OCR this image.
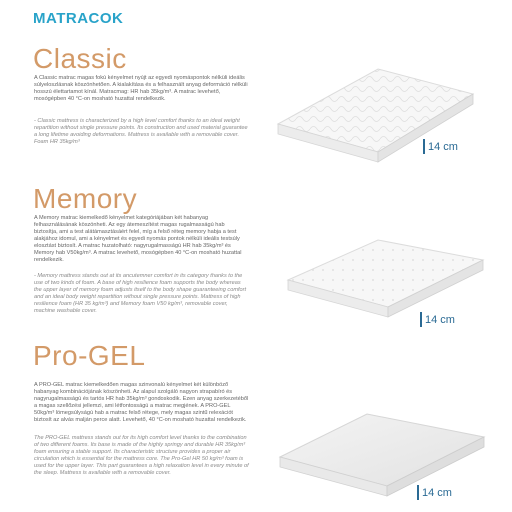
MATRACOK
Classic
A Classic matrac magas fokú kényelmet nyújt az egyedi nyomáspontok nélküli ideális súlyeloszlásnak köszönhetően. A kialakítása és a felhasznált anyag deformáció nélküli hosszú élettartamot kínál. Matracmag: HR hab 35kg/m³. A matrac levehető, mosógépben 40 °C-on mosható huzattal rendelkezik.
- Classic mattress is characterized by a high level comfort thanks to an ideal weight repartition without single pressure points. Its construction and used material guarantee a long lifetime avoiding deformations. Mattress is available with a removable cover. Foam HR 35kg/m³	14 cm
Memory
A Memory matrac kiemelkedő kényelmet kategóriájában két habanyag felhasználásának köszönheti. Az egy átemeszítést magas rugalmasságú hab biztosítja, ami a test alátámasztásáért felel, míg a felső réteg memory habja a test alakjához idomul, ami a kényelmet és egyedi nyomás pontok nélküli ideális testsúly elosztást biztosít. A matrac huzatolható: nagyrugalmasságú HR hab 35kg/m³ és Memory hab V50kg/m³. A matrac levehető, mosógépben 40 °C-on mosható huzattal rendelkezik.
- Memory mattress stands out at its ancutemner comfort in its category thanks to the use of two kinds of foam. A base of high resilience foam supports the body whereas the upper layer of memory foam adjusts itself to the body shape guaranteeing comfort and an ideal body weight repartition without single pressure points. Mattress of high resilience foam (HR 35 kg/m³) and Memory foam V50 kg/m³, removable cover, machine washable cover.
14 cm
Pro-GEL
A PRO-GEL matrac kiemelkedően magas szinvonalú kényelmet két különböző habanyag kombinációjának köszönheti. Az alapul szolgáló nagyon strapabíró és nagyrugalmasságú és tartós HR hab 35kg/m³ gondoskodik. Ezen anyag szerkezetéből a magas szellőzési jellemzi, ami létfontosságú a matrac megjének. A PRO-GEL 50kg/m³ lömegsúlyságú hab a matrac felső rétege, mely magas szintű relexációt biztosít az alvás malján perce alatt. Levehető, 40 °C-on mosható huzattal rendelkezik.
The PRO-GEL mattress stands out for its high comfort level thanks to the combination of two different foams. Its base is made of the highly springy and durable HR 35kg/m³ foam ensuring a stable support. Its characteristic structure provides a proper air circulation which is essential for the mattress core. The Pro-Gel HR 50 kg/m³ foam is used for the upper layer. This part guarantees a high relaxation level in every minute of the sleep. Mattress is available with a removable cover.
14 cm
